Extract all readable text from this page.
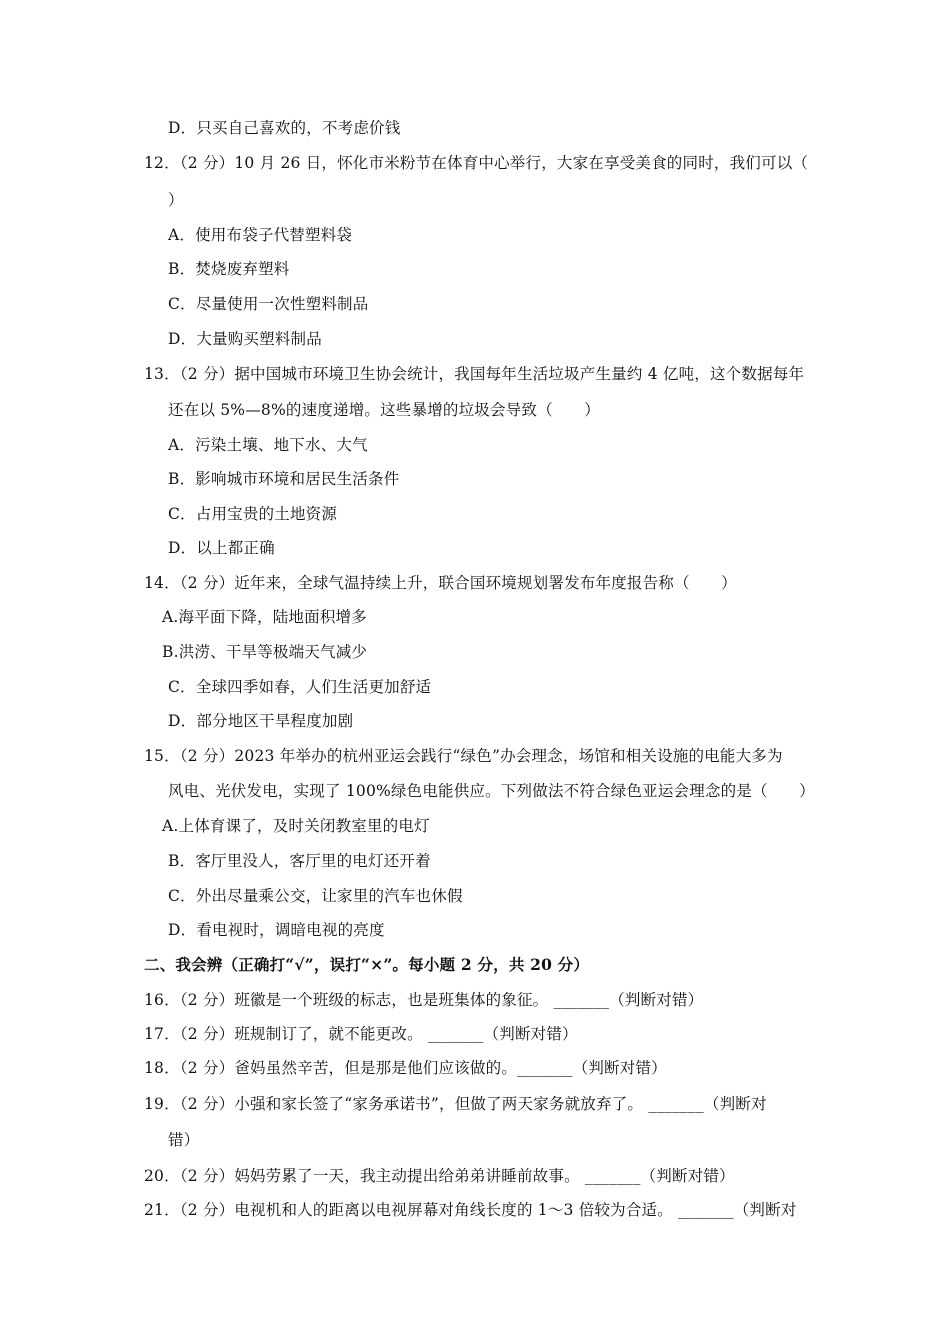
D．只买自己喜欢的，不考虑价钱
12．（2 分）10 月 26 日，怀化市米粉节在体育中心举行，大家在享受美食的同时，我们可以（
）
A．使用布袋子代替塑料袋
B．焚烧废弃塑料
C．尽量使用一次性塑料制品
D．大量购买塑料制品
13．（2 分）据中国城市环境卫生协会统计，我国每年生活垃圾产生量约 4 亿吨，这个数据每年
还在以 5%—8%的速度递增。这些暴增的垃圾会导致（　　）
A．污染土壤、地下水、大气
B．影响城市环境和居民生活条件
C．占用宝贵的土地资源
D．以上都正确
14．（2 分）近年来，全球气温持续上升，联合国环境规划署发布年度报告称（　　）
A.海平面下降，陆地面积增多
B.洪涝、干旱等极端天气减少
C．全球四季如春，人们生活更加舒适
D．部分地区干旱程度加剧
15．（2 分）2023 年举办的杭州亚运会践行“绿色”办会理念，场馆和相关设施的电能大多为
风电、光伏发电，实现了 100%绿色电能供应。下列做法不符合绿色亚运会理念的是（　　）
A.上体育课了，及时关闭教室里的电灯
B．客厅里没人，客厅里的电灯还开着
C．外出尽量乘公交，让家里的汽车也休假
D．看电视时，调暗电视的亮度
二、我会辨（正确打“√”，误打“×”。每小题 2 分，共 20 分）
16．（2 分）班徽是一个班级的标志，也是班集体的象征。 _______（判断对错）
17．（2 分）班规制订了，就不能更改。 _______（判断对错）
18．（2 分）爸妈虽然辛苦，但是那是他们应该做的。_______（判断对错）
19．（2 分）小强和家长签了“家务承诺书”，但做了两天家务就放弃了。 _______（判断对
错）
20．（2 分）妈妈劳累了一天，我主动提出给弟弟讲睡前故事。 _______（判断对错）
21．（2 分）电视机和人的距离以电视屏幕对角线长度的 1～3 倍较为合适。 _______（判断对
